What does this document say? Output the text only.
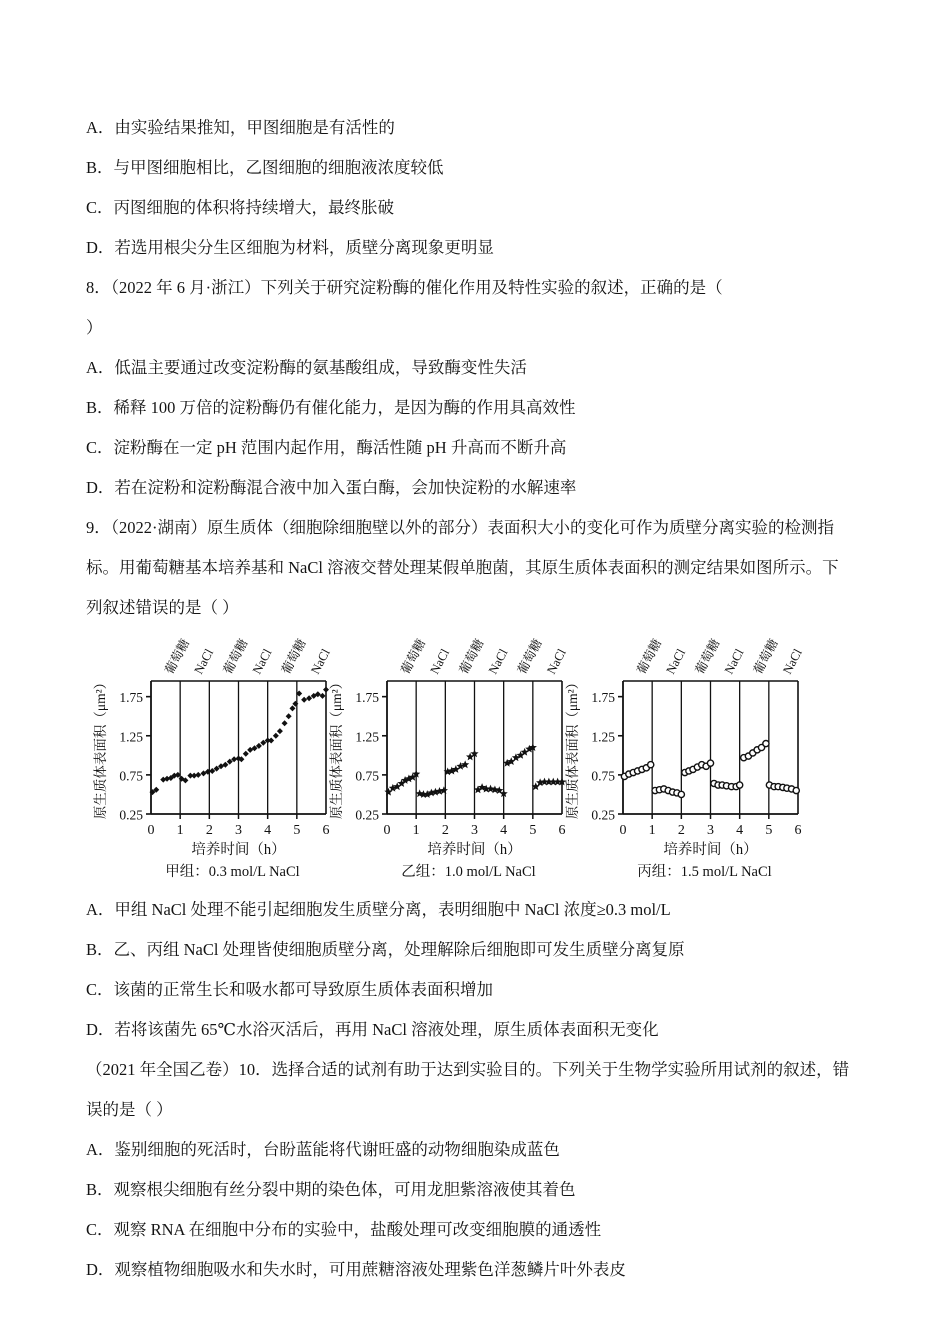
A．由实验结果推知，甲图细胞是有活性的
B．与甲图细胞相比，乙图细胞的细胞液浓度较低
C．丙图细胞的体积将持续增大，最终胀破
D．若选用根尖分生区细胞为材料，质壁分离现象更明显
8．（2022 年 6 月·浙江）下列关于研究淀粉酶的催化作用及特性实验的叙述，正确的是（
）
A．低温主要通过改变淀粉酶的氨基酸组成，导致酶变性失活
B．稀释 100 万倍的淀粉酶仍有催化能力，是因为酶的作用具高效性
C．淀粉酶在一定 pH 范围内起作用，酶活性随 pH 升高而不断升高
D．若在淀粉和淀粉酶混合液中加入蛋白酶，会加快淀粉的水解速率
9．（2022·湖南）原生质体（细胞除细胞壁以外的部分）表面积大小的变化可作为质壁分离实验的检测指
标。用葡萄糖基本培养基和 NaCl 溶液交替处理某假单胞菌，其原生质体表面积的测定结果如图所示。下
列叙述错误的是（ ）
0.25
0.75
1.25
1.75
0 1 2 3 4 5 6
葡萄糖 NaCl 葡萄糖 NaCl 葡萄糖 NaCl
原生质体表面积（μm²）
培养时间（h）
甲组：0.3 mol/L NaCl
0.25
0.75
1.25
1.75
0 1 2 3 4 5 6
葡萄糖 NaCl 葡萄糖 NaCl 葡萄糖 NaCl
原生质体表面积（μm²）
培养时间（h）
乙组：1.0 mol/L NaCl
0.25
0.75
1.25
1.75
0 1 2 3 4 5 6
葡萄糖 NaCl 葡萄糖 NaCl 葡萄糖 NaCl
原生质体表面积（μm²）
培养时间（h）
丙组：1.5 mol/L NaCl
A．甲组 NaCl 处理不能引起细胞发生质壁分离，表明细胞中 NaCl 浓度≥0.3 mol/L
B．乙、丙组 NaCl 处理皆使细胞质壁分离，处理解除后细胞即可发生质壁分离复原
C．该菌的正常生长和吸水都可导致原生质体表面积增加
D．若将该菌先 65℃水浴灭活后，再用 NaCl 溶液处理，原生质体表面积无变化
（2021 年全国乙卷）10．选择合适的试剂有助于达到实验目的。下列关于生物学实验所用试剂的叙述，错
误的是（ ）
A．鉴别细胞的死活时，台盼蓝能将代谢旺盛的动物细胞染成蓝色
B．观察根尖细胞有丝分裂中期的染色体，可用龙胆紫溶液使其着色
C．观察 RNA 在细胞中分布的实验中，盐酸处理可改变细胞膜的通透性
D．观察植物细胞吸水和失水时，可用蔗糖溶液处理紫色洋葱鳞片叶外表皮
